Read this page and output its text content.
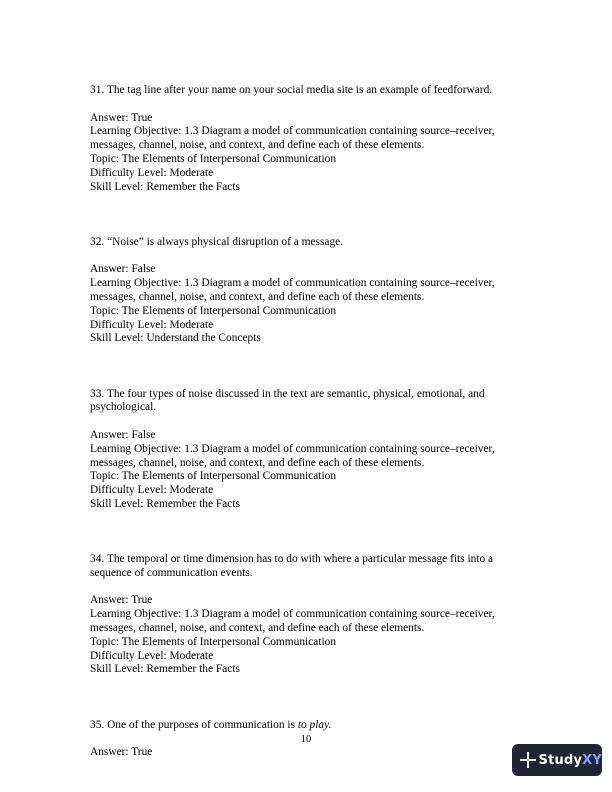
31. The tag line after your name on your social media site is an example of feedforward.
Answer: True
Learning Objective: 1.3 Diagram a model of communication containing source–receiver,
messages, channel, noise, and context, and define each of these elements.
Topic: The Elements of Interpersonal Communication
Difficulty Level: Moderate
Skill Level: Remember the Facts
32. “Noise” is always physical disruption of a message.
Answer: False
Learning Objective: 1.3 Diagram a model of communication containing source–receiver,
messages, channel, noise, and context, and define each of these elements.
Topic: The Elements of Interpersonal Communication
Difficulty Level: Moderate
Skill Level: Understand the Concepts
33. The four types of noise discussed in the text are semantic, physical, emotional, and
psychological.
Answer: False
Learning Objective: 1.3 Diagram a model of communication containing source–receiver,
messages, channel, noise, and context, and define each of these elements.
Topic: The Elements of Interpersonal Communication
Difficulty Level: Moderate
Skill Level: Remember the Facts
34. The temporal or time dimension has to do with where a particular message fits into a
sequence of communication events.
Answer: True
Learning Objective: 1.3 Diagram a model of communication containing source–receiver,
messages, channel, noise, and context, and define each of these elements.
Topic: The Elements of Interpersonal Communication
Difficulty Level: Moderate
Skill Level: Remember the Facts
35. One of the purposes of communication is to play.
Answer: True
10
StudyXY
